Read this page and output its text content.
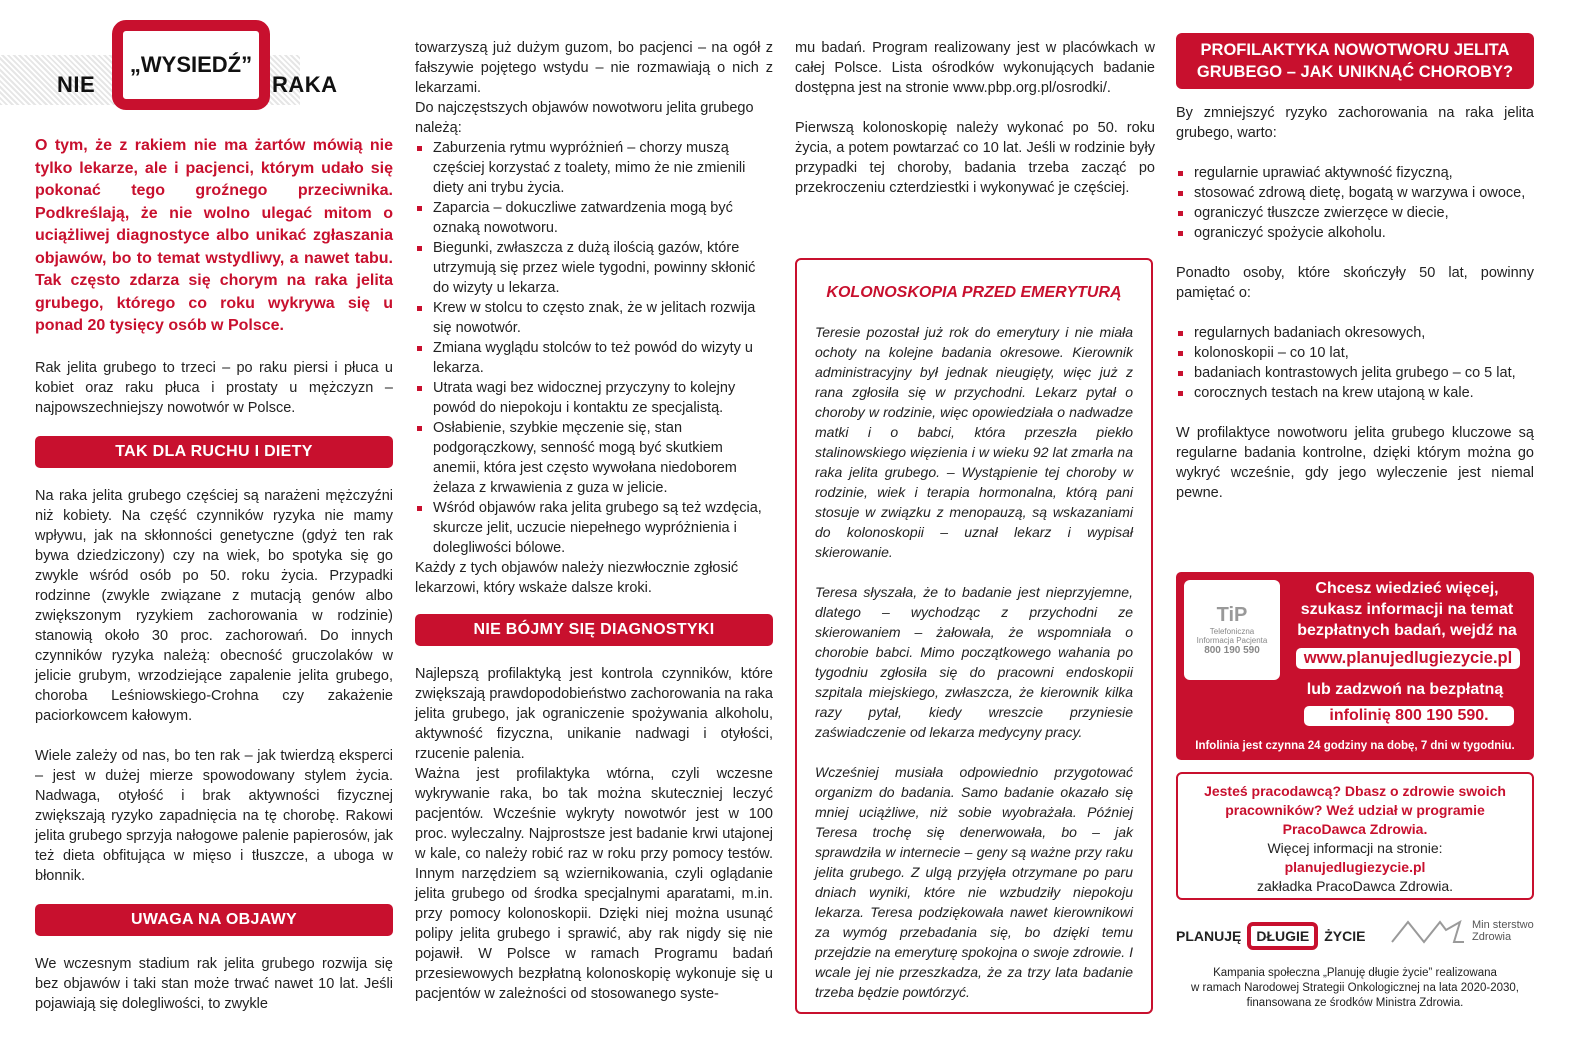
NIE
„WYSIEDŹ”
RAKA

O tym, że z rakiem nie ma żartów mówią nie tylko lekarze, ale i pacjenci, którym udało się pokonać tego groźnego przeciwnika. Podkreślają, że nie wolno ulegać mitom o uciążliwej diagnostyce albo unikać zgłaszania objawów, bo to temat wstydliwy, a nawet tabu. Tak często zdarza się chorym na raka jelita grubego, którego co roku wykrywa się u ponad 20 tysięcy osób w Polsce.

Rak jelita grubego to trzeci – po raku piersi i płuca u kobiet oraz raku płuca i prostaty u mężczyzn – najpowszechniejszy nowotwór w Polsce.

TAK DLA RUCHU I DIETY

Na raka jelita grubego częściej są narażeni mężczyźni niż kobiety. Na część czynników ryzyka nie mamy wpływu, jak na skłonności genetyczne (gdyż ten rak bywa dziedziczony) czy na wiek, bo spotyka się go zwykle wśród osób po 50. roku życia. Przypadki rodzinne (zwykle związane z mutacją genów albo zwiększonym ryzykiem zachorowania w rodzinie) stanowią około 30 proc. zachorowań. Do innych czynników ryzyka należą: obecność gruczolaków w jelicie grubym, wrzodziejące zapalenie jelita grubego, choroba Leśniowskiego-Crohna czy zakażenie paciorkowcem kałowym.

Wiele zależy od nas, bo ten rak – jak twierdzą eksperci – jest w dużej mierze spowodowany stylem życia. Nadwaga, otyłość i brak aktywności fizycznej zwiększają ryzyko zapadnięcia na tę chorobę. Rakowi jelita grubego sprzyja nałogowe palenie papierosów, jak też dieta obfitująca w mięso i tłuszcze, a uboga w błonnik.

UWAGA NA OBJAWY

We wczesnym stadium rak jelita grubego rozwija się bez objawów i taki stan może trwać nawet 10 lat. Jeśli pojawiają się dolegliwości, to zwykle

towarzyszą już dużym guzom, bo pacjenci – na ogół z fałszywie pojętego wstydu – nie rozmawiają o nich z lekarzami.

Do najczęstszych objawów nowotworu jelita grubego należą:

Zaburzenia rytmu wypróżnień – chorzy muszą częściej korzystać z toalety, mimo że nie zmienili diety ani trybu życia.
Zaparcia – dokuczliwe zatwardzenia mogą być oznaką nowotworu.
Biegunki, zwłaszcza z dużą ilością gazów, które utrzymują się przez wiele tygodni, powinny skłonić do wizyty u lekarza.
Krew w stolcu to często znak, że w jelitach rozwija się nowotwór.
Zmiana wyglądu stolców to też powód do wizyty u lekarza.
Utrata wagi bez widocznej przyczyny to kolejny powód do niepokoju i kontaktu ze specjalistą.
Osłabienie, szybkie męczenie się, stan podgorączkowy, senność mogą być skutkiem anemii, która jest często wywołana niedoborem żelaza z krwawienia z guza w jelicie.
Wśród objawów raka jelita grubego są też wzdęcia, skurcze jelit, uczucie niepełnego wypróżnienia i dolegliwości bólowe.

Każdy z tych objawów należy niezwłocznie zgłosić lekarzowi, który wskaże dalsze kroki.

NIE BÓJMY SIĘ DIAGNOSTYKI

Najlepszą profilaktyką jest kontrola czynników, które zwiększają prawdopodobieństwo zachorowania na raka jelita grubego, jak ograniczenie spożywania alkoholu, aktywność fizyczna, unikanie nadwagi i otyłości, rzucenie palenia.

Ważna jest profilaktyka wtórna, czyli wczesne wykrywanie raka, bo tak można skuteczniej leczyć pacjentów. Wcześnie wykryty nowotwór jest w 100 proc. wyleczalny. Najprostsze jest badanie krwi utajonej w kale, co należy robić raz w roku przy pomocy testów. Innym narzędziem są wziernikowania, czyli oglądanie jelita grubego od środka specjalnymi aparatami, m.in. przy pomocy kolonoskopii. Dzięki niej można usunąć polipy jelita grubego i sprawić, aby rak nigdy się nie pojawił. W Polsce w ramach Programu badań przesiewowych bezpłatną kolonoskopię wykonuje się u pacjentów w zależności od stosowanego syste-

mu badań. Program realizowany jest w placówkach w całej Polsce. Lista ośrodków wykonujących badanie dostępna jest na stronie www.pbp.org.pl/osrodki/.

Pierwszą kolonoskopię należy wykonać po 50. roku życia, a potem powtarzać co 10 lat. Jeśli w rodzinie były przypadki tej choroby, badania trzeba zacząć po przekroczeniu czterdziestki i wykonywać je częściej.

KOLONOSKOPIA PRZED EMERYTURĄ

Teresie pozostał już rok do emerytury i nie miała ochoty na kolejne badania okresowe. Kierownik administracyjny był jednak nieugięty, więc już z rana zgłosiła się w przychodni. Lekarz pytał o choroby w rodzinie, więc opowiedziała o nadwadze matki i o babci, która przeszła piekło stalinowskiego więzienia i w wieku 92 lat zmarła na raka jelita grubego. – Wystąpienie tej choroby w rodzinie, wiek i terapia hormonalna, którą pani stosuje w związku z menopauzą, są wskazaniami do kolonoskopii – uznał lekarz i wypisał skierowanie.

Teresa słyszała, że to badanie jest nieprzyjemne, dlatego – wychodząc z przychodni ze skierowaniem – żałowała, że wspomniała o chorobie babci. Mimo początkowego wahania po tygodniu zgłosiła się do pracowni endoskopii szpitala miejskiego, zwłaszcza, że kierownik kilka razy pytał, kiedy wreszcie przyniesie zaświadczenie od lekarza medycyny pracy.

Wcześniej musiała odpowiednio przygotować organizm do badania. Samo badanie okazało się mniej uciążliwe, niż sobie wyobrażała. Później Teresa trochę się denerwowała, bo – jak sprawdziła w internecie – geny są ważne przy raku jelita grubego. Z ulgą przyjęła otrzymane po paru dniach wyniki, które nie wzbudziły niepokoju lekarza. Teresa podziękowała nawet kierownikowi za wymóg przebadania się, bo dzięki temu przejdzie na emeryturę spokojna o swoje zdrowie. I wcale jej nie przeszkadza, że za trzy lata badanie trzeba będzie powtórzyć.

PROFILAKTYKA NOWOTWORU JELITA GRUBEGO – JAK UNIKNĄĆ CHOROBY?

By zmniejszyć ryzyko zachorowania na raka jelita grubego, warto:

regularnie uprawiać aktywność fizyczną,
stosować zdrową dietę, bogatą w warzywa i owoce,
ograniczyć tłuszcze zwierzęce w diecie,
ograniczyć spożycie alkoholu.

Ponadto osoby, które skończyły 50 lat, powinny pamiętać o:

regularnych badaniach okresowych,
kolonoskopii – co 10 lat,
badaniach kontrastowych jelita grubego – co 5 lat,
corocznych testach na krew utajoną w kale.

W profilaktyce nowotworu jelita grubego kluczowe są regularne badania kontrolne, dzięki którym można go wykryć wcześnie, gdy jego wyleczenie jest niemal pewne.

TiP
Telefoniczna Informacja Pacjenta
800 190 590
Chcesz wiedzieć więcej,
szukasz informacji na temat
bezpłatnych badań, wejdź na
www.planujedlugiezycie.pl
lub zadzwoń na bezpłatną
infolinię 800 190 590.
Infolinia jest czynna 24 godziny na dobę, 7 dni w tygodniu.
Jesteś pracodawcą? Dbasz o zdrowie swoich
pracowników? Weź udział w programie
PracoDawca Zdrowia.
Więcej informacji na stronie:
planujedlugiezycie.pl
zakładka PracoDawca Zdrowia.
PLANUJĘ	DŁUGIE	ŻYCIE
Min sterstwo
Zdrowia
Kampania społeczna „Planuję długie życie” realizowana
w ramach Narodowej Strategii Onkologicznej na lata 2020-2030,
finansowana ze środków Ministra Zdrowia.
